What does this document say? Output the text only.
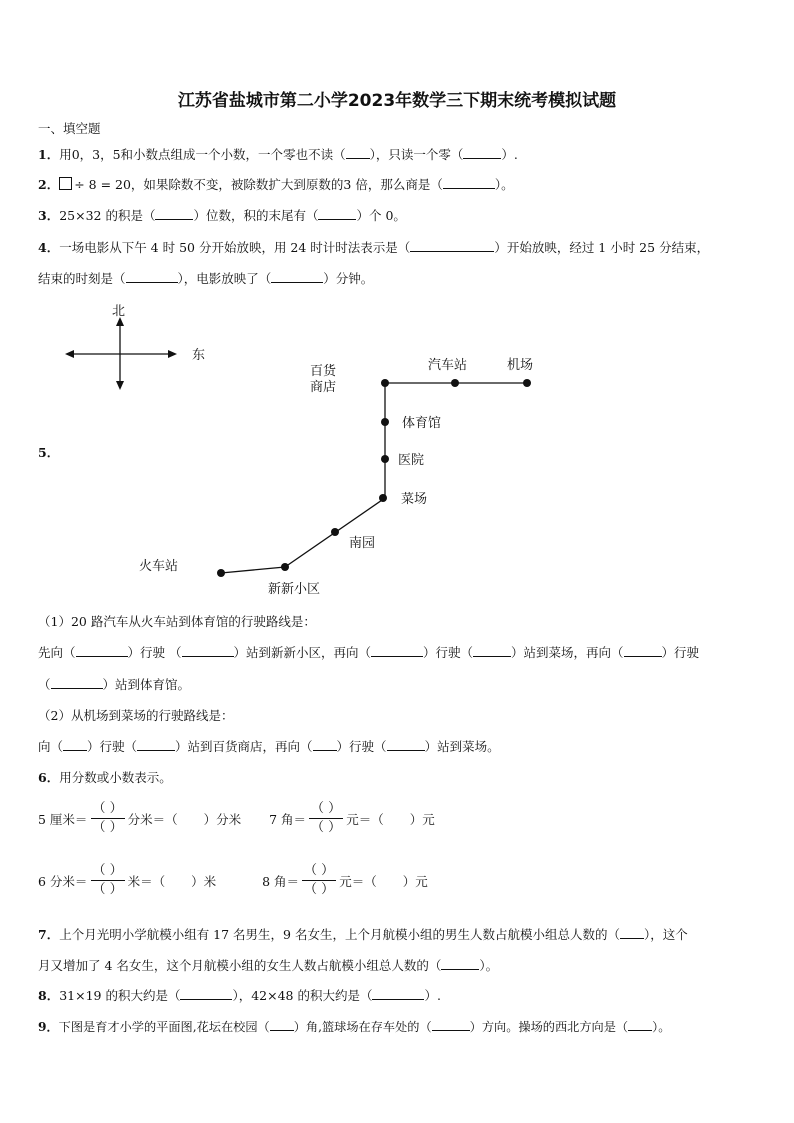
江苏省盐城市第二小学2023年数学三下期末统考模拟试题
一、填空题
1．用0，3，5和小数点组成一个小数，一个零也不读（ ），只读一个零（	）.
2． ÷ 8 = 20，如果除数不变，被除数扩大到原数的3 倍，那么商是（	）。
3．25×32 的积是（	）位数，积的末尾有（	）个 0。
4．一场电影从下午 4 时 50 分开始放映，用 24 时计时法表示是（	）开始放映，经过 1 小时 25 分结束，
结束的时刻是（	），电影放映了（	）分钟。
5．
北
东
百货
商店
汽车站	机场
体育馆
医院
菜场
南园
火车站
新新小区
（1）20 路汽车从火车站到体育馆的行驶路线是：
先向（	）行驶 （	）站到新新小区，再向（	）行驶（	）站到菜场，再向（	）行驶
（	）站到体育馆。
（2）从机场到菜场的行驶路线是：
向（ ）行驶（	）站到百货商店，再向（ ）行驶（	）站到菜场。
6．用分数或小数表示。
5 厘米＝ $\frac{( )}{( )}$ 分米＝（ ）分米 7 角＝ $\frac{( )}{( )}$ 元＝（ ）元
6 分米＝ $\frac{( )}{( )}$ 米＝（ ）米	8 角＝ $\frac{( )}{( )}$ 元＝（ ）元
7．上个月光明小学航模小组有 17 名男生，9 名女生，上个月航模小组的男生人数占航模小组总人数的（ ），这个
月又增加了 4 名女生，这个月航模小组的女生人数占航模小组总人数的（	）。
8．31×19 的积大约是（	），42×48 的积大约是（	）.
9．下图是育才小学的平面图,花坛在校园（ ）角,篮球场在存车处的（	）方向。操场的西北方向是（ ）。
